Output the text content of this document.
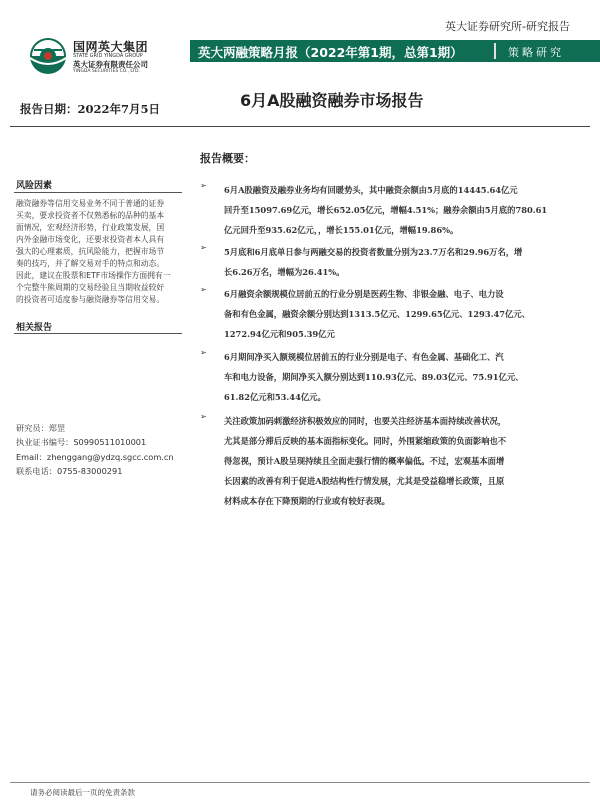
英大证券研究所-研究报告
国网英大集团
STATE GRID YINGDA GROUP
英大证券有限责任公司
YINGDA SECURITIES CO., LTD.
英大两融策略月报（2022年第1期，总第1期）	策略研究
报告日期：2022年7月5日	6月A股融资融券市场报告
风险因素
融资融券等信用交易业务不同于普通的证券
买卖，要求投资者不仅熟悉标的品种的基本
面情况，宏观经济形势，行业政策发展，国
内外金融市场变化，还要求投资者本人具有
强大的心理素质，抗风险能力，把握市场节
奏的技巧，并了解交易对手的特点和动态。
因此，建议在股票和ETF市场操作方面拥有一
个完整牛熊周期的交易经验且当期收益较好
的投资者可适度参与融资融券等信用交易。
相关报告
研究员：郑罡
执业证书编号：S0990511010001
Email：zhenggang@ydzq.sgcc.com.cn
联系电话：0755-83000291
报告概要：
➢ 6月A股融资及融券业务均有回暖势头，其中融资余额由5月底的14445.64亿元
回升至15097.69亿元，增长652.05亿元，增幅4.51%；融券余额由5月底的780.61
亿元回升至935.62亿元，，增长155.01亿元，增幅19.86%。
➢ 5月底和6月底单日参与两融交易的投资者数量分别为23.7万名和29.96万名，增
长6.26万名，增幅为26.41%。
➢ 6月融资余额规模位居前五的行业分别是医药生物、非银金融、电子、电力设
备和有色金属，融资余额分别达到1313.5亿元、1299.65亿元、1293.47亿元、
1272.94亿元和905.39亿元
➢ 6月期间净买入额规模位居前五的行业分别是电子、有色金属、基础化工、汽
车和电力设备，期间净买入额分别达到110.93亿元、89.03亿元、75.91亿元、
61.82亿元和53.44亿元。
➢ 关注政策加码刺激经济积极效应的同时，也要关注经济基本面持续改善状况，
尤其是部分滞后反映的基本面指标变化。同时，外围紧缩政策的负面影响也不
得忽视，预计A股呈现持续且全面走强行情的概率偏低。不过，宏观基本面增
长因素的改善有利于促进A股结构性行情发展，尤其是受益稳增长政策，且原
材料成本存在下降预期的行业或有较好表现。
请务必阅读最后一页的免责条款
